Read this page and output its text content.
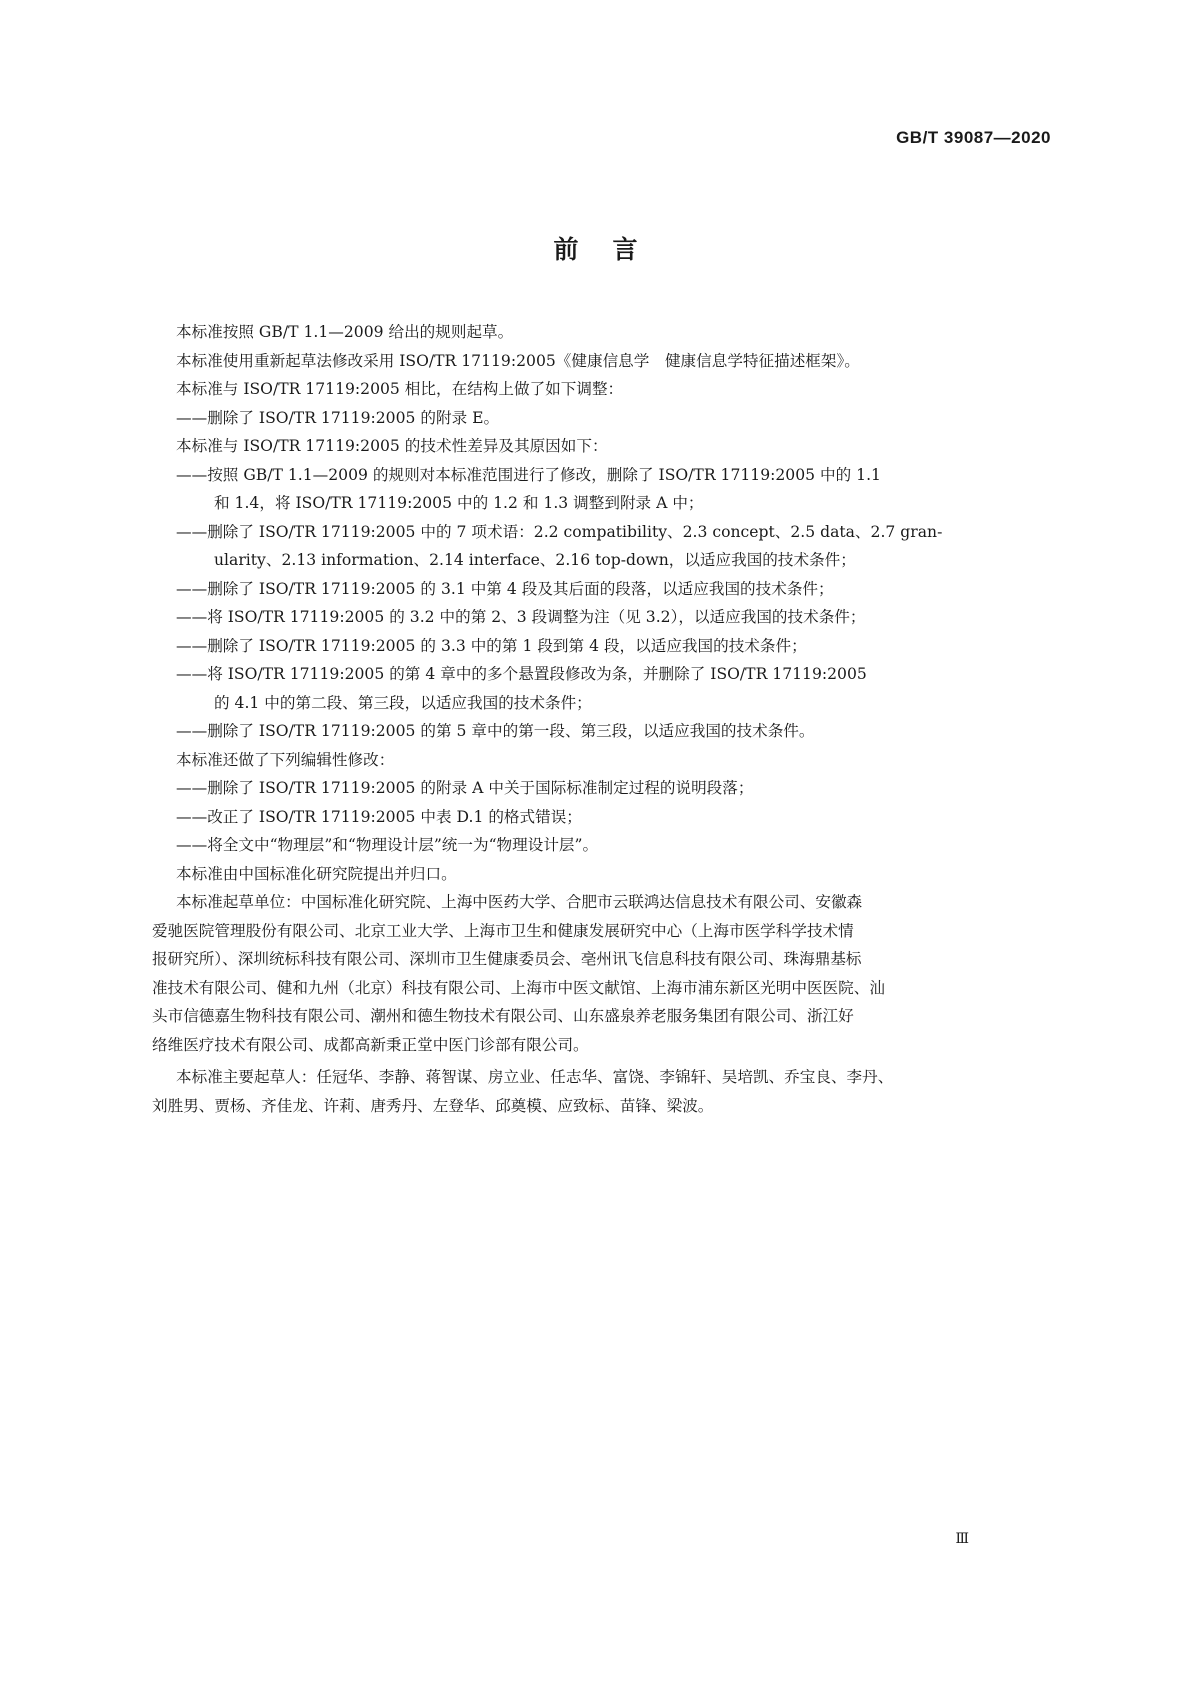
GB/T 39087—2020
前言

本标准按照 GB/T 1.1—2009 给出的规则起草。

本标准使用重新起草法修改采用 ISO/TR 17119:2005《健康信息学　健康信息学特征描述框架》。

本标准与 ISO/TR 17119:2005 相比，在结构上做了如下调整：

——删除了 ISO/TR 17119:2005 的附录 E。

本标准与 ISO/TR 17119:2005 的技术性差异及其原因如下：

——按照 GB/T 1.1—2009 的规则对本标准范围进行了修改，删除了 ISO/TR 17119:2005 中的 1.1
和 1.4，将 ISO/TR 17119:2005 中的 1.2 和 1.3 调整到附录 A 中；
——删除了 ISO/TR 17119:2005 中的 7 项术语：2.2 compatibility、2.3 concept、2.5 data、2.7 gran-
ularity、2.13 information、2.14 interface、2.16 top-down，以适应我国的技术条件；

——删除了 ISO/TR 17119:2005 的 3.1 中第 4 段及其后面的段落，以适应我国的技术条件；

——将 ISO/TR 17119:2005 的 3.2 中的第 2、3 段调整为注（见 3.2），以适应我国的技术条件；

——删除了 ISO/TR 17119:2005 的 3.3 中的第 1 段到第 4 段，以适应我国的技术条件；

——将 ISO/TR 17119:2005 的第 4 章中的多个悬置段修改为条，并删除了 ISO/TR 17119:2005
的 4.1 中的第二段、第三段，以适应我国的技术条件；

——删除了 ISO/TR 17119:2005 的第 5 章中的第一段、第三段，以适应我国的技术条件。

本标准还做了下列编辑性修改：

——删除了 ISO/TR 17119:2005 的附录 A 中关于国际标准制定过程的说明段落；

——改正了 ISO/TR 17119:2005 中表 D.1 的格式错误；

——将全文中“物理层”和“物理设计层”统一为“物理设计层”。

本标准由中国标准化研究院提出并归口。

本标准起草单位：中国标准化研究院、上海中医药大学、合肥市云联鸿达信息技术有限公司、安徽森

爱驰医院管理股份有限公司、北京工业大学、上海市卫生和健康发展研究中心（上海市医学科学技术情

报研究所）、深圳统标科技有限公司、深圳市卫生健康委员会、亳州讯飞信息科技有限公司、珠海鼎基标

准技术有限公司、健和九州（北京）科技有限公司、上海市中医文献馆、上海市浦东新区光明中医医院、汕

头市信德嘉生物科技有限公司、潮州和德生物技术有限公司、山东盛泉养老服务集团有限公司、浙江好

络维医疗技术有限公司、成都高新秉正堂中医门诊部有限公司。

本标准主要起草人：任冠华、李静、蒋智谋、房立业、任志华、富饶、李锦轩、吴培凯、乔宝良、李丹、

刘胜男、贾杨、齐佳龙、许莉、唐秀丹、左登华、邱奠模、应致标、苗锋、梁波。

Ⅲ
